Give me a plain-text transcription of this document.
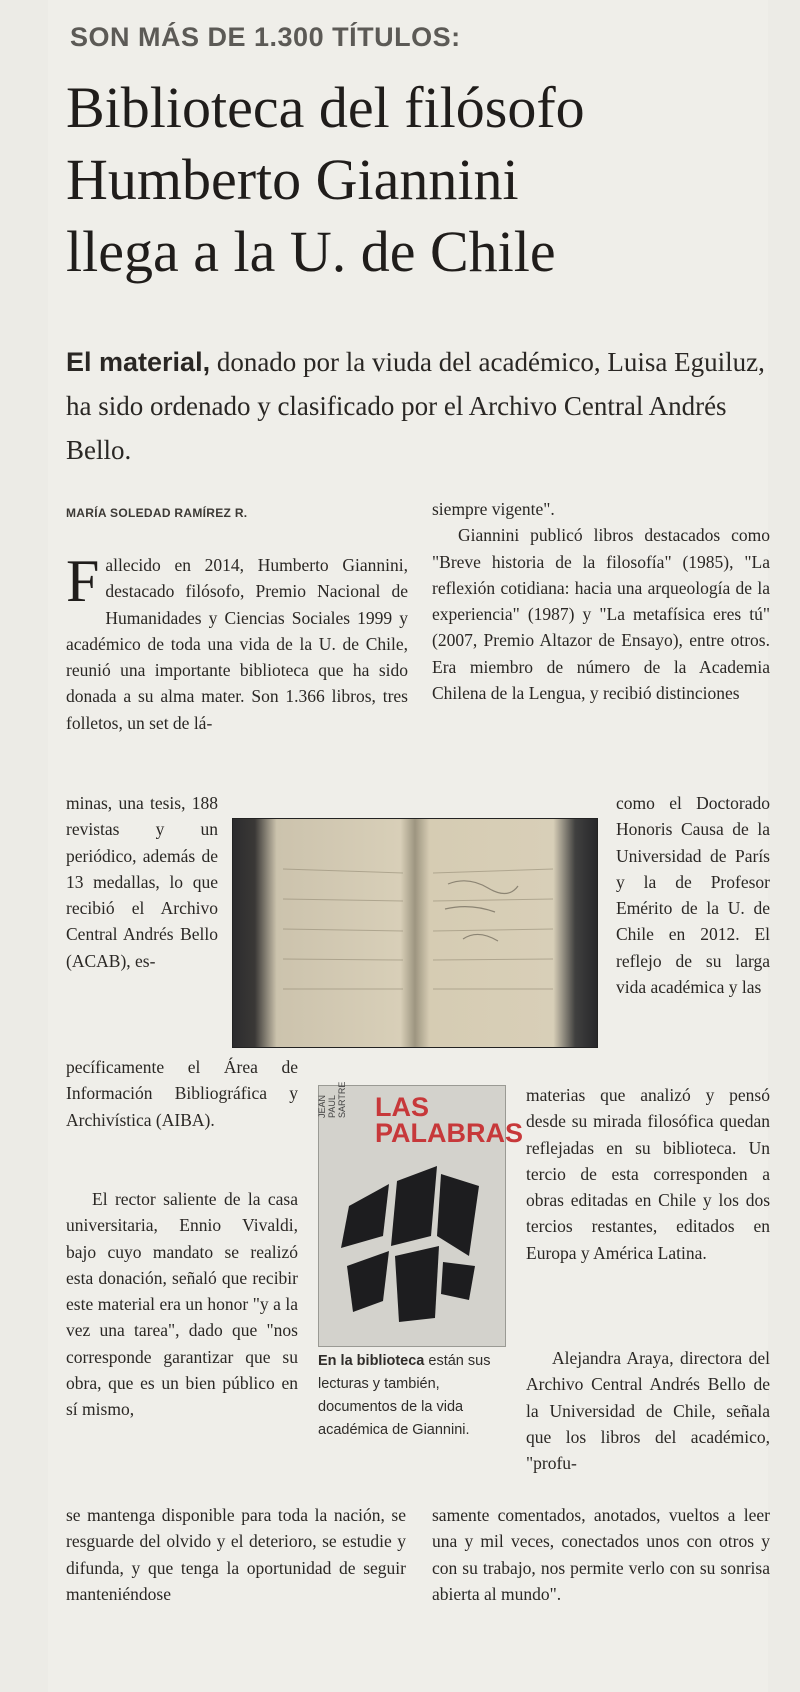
SON MÁS DE 1.300 TÍTULOS:
Biblioteca del filósofo
Humberto Giannini
llega a la U. de Chile
El material, donado por la viuda del académico, Luisa Eguiluz, ha sido ordenado y clasificado por el Archivo Central Andrés Bello.
MARÍA SOLEDAD RAMÍREZ R.

Fallecido en 2014, Humberto Giannini, destacado filósofo, Premio Nacional de Humanidades y Ciencias Sociales 1999 y académico de toda una vida de la U. de Chile, reunió una importante biblioteca que ha sido donada a su alma mater. Son 1.366 libros, tres folletos, un set de lá-

minas, una tesis, 188 revistas y un periódico, además de 13 medallas, lo que recibió el Archivo Central Andrés Bello (ACAB), es-

pecíficamente el Área de Información Bibliográfica y Archivística (AIBA).

El rector saliente de la casa universitaria, Ennio Vivaldi, bajo cuyo mandato se realizó esta donación, señaló que recibir este material era un honor "y a la vez una tarea", dado que "nos corresponde garantizar que su obra, que es un bien público en sí mismo,

se mantenga disponible para toda la nación, se resguarde del olvido y el deterioro, se estudie y difunda, y que tenga la oportunidad de seguir manteniéndose

siempre vigente".
Giannini publicó libros destacados como "Breve historia de la filosofía" (1985), "La reflexión cotidiana: hacia una arqueología de la experiencia" (1987) y "La metafísica eres tú" (2007, Premio Altazor de Ensayo), entre otros. Era miembro de número de la Academia Chilena de la Lengua, y recibió distinciones

como el Doctorado Honoris Causa de la Universidad de París y la de Profesor Emérito de la U. de Chile en 2012. El reflejo de su larga vida académica y las

materias que analizó y pensó desde su mirada filosófica quedan reflejadas en su biblioteca. Un tercio de esta corresponden a obras editadas en Chile y los dos tercios restantes, editados en Europa y América Latina.

Alejandra Araya, directora del Archivo Central Andrés Bello de la Universidad de Chile, señala que los libros del académico, "profu-

samente comentados, anotados, vueltos a leer una y mil veces, conectados unos con otros y con su trabajo, nos permite verlo con su sonrisa abierta al mundo".

JEAN PAUL SARTRE LAS PALABRAS
En la biblioteca están sus lecturas y también, documentos de la vida académica de Giannini.
